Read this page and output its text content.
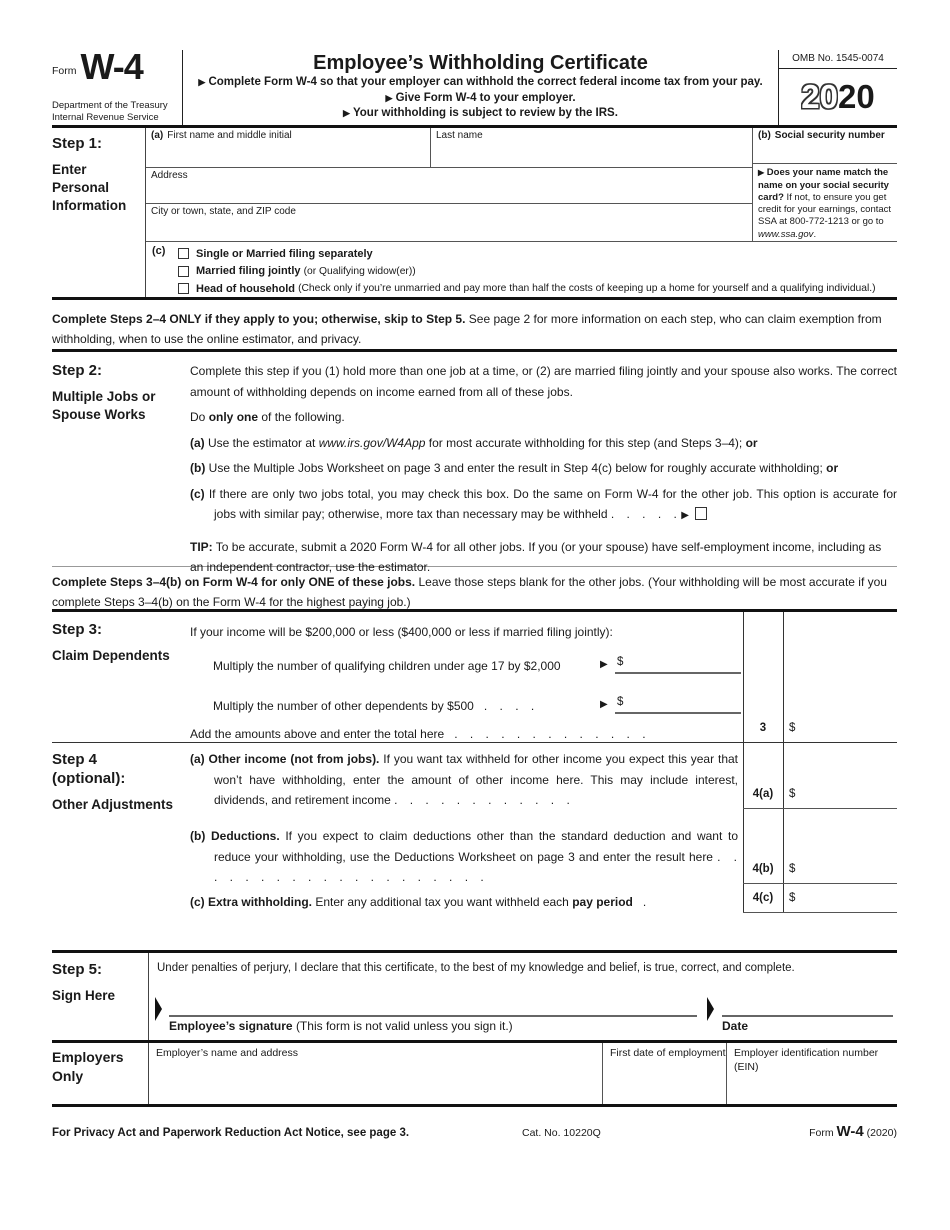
Form W-4
Department of the Treasury
Internal Revenue Service
Employee’s Withholding Certificate
▶ Complete Form W-4 so that your employer can withhold the correct federal income tax from your pay.
▶ Give Form W-4 to your employer.
▶ Your withholding is subject to review by the IRS.
OMB No. 1545-0074
20 20
Step 1:
Enter Personal Information
(a) First name and middle initial	Last name
Address
City or town, state, and ZIP code
(b) Social security number
▶ Does your name match the name on your social security card? If not, to ensure you get credit for your earnings, contact SSA at 800-772-1213 or go to www.ssa.gov.
(c)	Single or Married filing separately
Married filing jointly (or Qualifying widow(er))
Head of household (Check only if you’re unmarried and pay more than half the costs of keeping up a home for yourself and a qualifying individual.)
Complete Steps 2–4 ONLY if they apply to you; otherwise, skip to Step 5. See page 2 for more information on each step, who can claim exemption from withholding, when to use the online estimator, and privacy.
Step 2:
Multiple Jobs or Spouse Works
Complete this step if you (1) hold more than one job at a time, or (2) are married filing jointly and your spouse also works. The correct amount of withholding depends on income earned from all of these jobs.
Do only one of the following.
(a) Use the estimator at www.irs.gov/W4App for most accurate withholding for this step (and Steps 3–4); or
(b) Use the Multiple Jobs Worksheet on page 3 and enter the result in Step 4(c) below for roughly accurate withholding; or
(c) If there are only two jobs total, you may check this box. Do the same on Form W-4 for the other job. This option is accurate for jobs with similar pay; otherwise, more tax than necessary may be withheld . . . . . ▶
TIP: To be accurate, submit a 2020 Form W-4 for all other jobs. If you (or your spouse) have self-employment income, including as an independent contractor, use the estimator.
Complete Steps 3–4(b) on Form W-4 for only ONE of these jobs. Leave those steps blank for the other jobs. (Your withholding will be most accurate if you complete Steps 3–4(b) on the Form W-4 for the highest paying job.)
Step 3:
Claim Dependents
If your income will be $200,000 or less ($400,000 or less if married filing jointly):
Multiply the number of qualifying children under age 17 by $2,000	▶ $
Multiply the number of other dependents by $500 . . . .	▶ $
Add the amounts above and enter the total here . . . . . . . . . . . . .	3	$
Step 4
(optional):
Other Adjustments
(a) Other income (not from jobs). If you want tax withheld for other income you expect this year that won’t have withholding, enter the amount of other income here. This may include interest, dividends, and retirement income . . . . . . . . . . . .	4(a)	$
(b) Deductions. If you expect to claim deductions other than the standard deduction and want to reduce your withholding, use the Deductions Worksheet on page 3 and enter the result here . . . . . . . . . . . . . . . . . . . .
4(b)	$
(c) Extra withholding. Enter any additional tax you want withheld each pay period .	4(c)	$
Step 5:
Sign Here
Under penalties of perjury, I declare that this certificate, to the best of my knowledge and belief, is true, correct, and complete.
Employee’s signature (This form is not valid unless you sign it.)	Date
Employers Only
Employer’s name and address	First date of employment Employer identification number (EIN)
For Privacy Act and Paperwork Reduction Act Notice, see page 3.	Cat. No. 10220Q	Form W-4 (2020)
